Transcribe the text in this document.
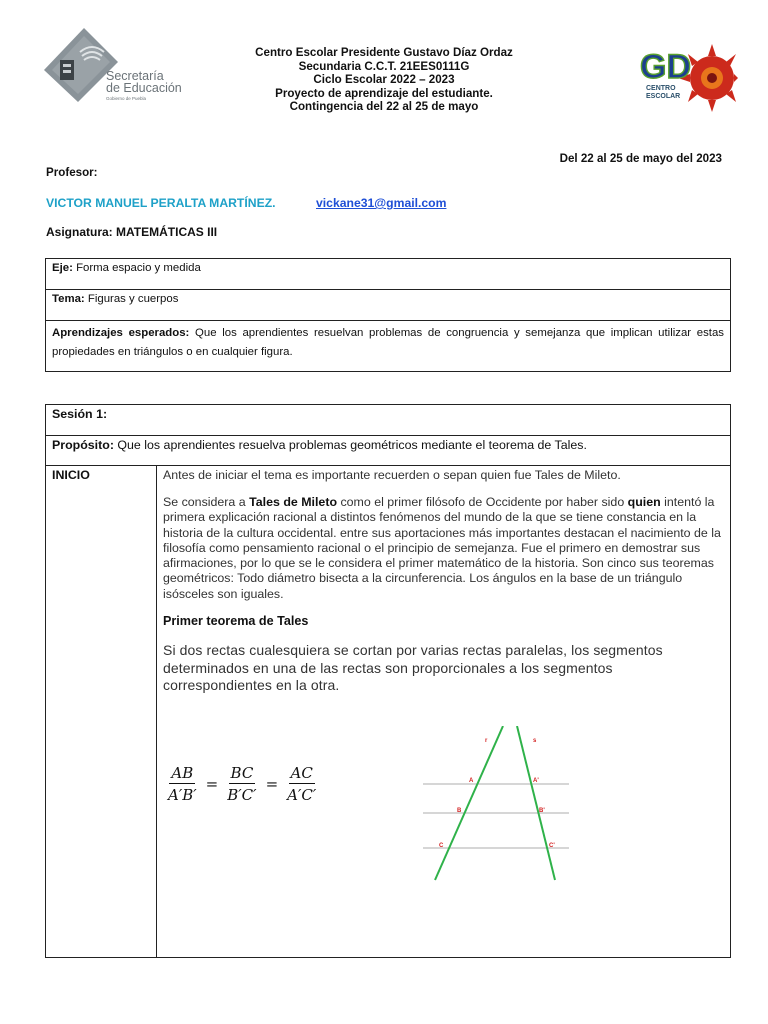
Centro Escolar Presidente Gustavo Díaz Ordaz
Secundaria C.C.T. 21EES0111G
Ciclo Escolar 2022 – 2023
Proyecto de aprendizaje del estudiante.
Contingencia del 22 al 25 de mayo
Secretaría
de Educación
Gobierno de Puebla
GD
CENTRO
ESCOLAR
Del 22 al 25 de mayo del 2023
Profesor:
VICTOR MANUEL PERALTA MARTÍNEZ.	vickane31@gmail.com
Asignatura: MATEMÁTICAS III
Eje: Forma espacio y medida
Tema: Figuras y cuerpos
Aprendizajes esperados: Que los aprendientes resuelvan problemas de congruencia y semejanza que implican utilizar estas propiedades en triángulos o en cualquier figura.
Sesión 1:
Propósito: Que los aprendientes resuelva problemas geométricos mediante el teorema de Tales.
INICIO	Antes de iniciar el tema es importante recuerden o sepan quien fue Tales de Mileto.

Se considera a Tales de Mileto como el primer filósofo de Occidente por haber sido quien intentó la primera explicación racional a distintos fenómenos del mundo de la que se tiene constancia en la historia de la cultura occidental. entre sus aportaciones más importantes destacan el nacimiento de la filosofía como pensamiento racional o el principio de semejanza. Fue el primero en demostrar sus afirmaciones, por lo que se le considera el primer matemático de la historia. Son cinco sus teoremas geométricos: Todo diámetro bisecta a la circunferencia. Los ángulos en la base de un triángulo isósceles son iguales.

Primer teorema de Tales

Si dos rectas cualesquiera se cortan por varias rectas paralelas, los segmentos determinados en una de las rectas son proporcionales a los segmentos correspondientes en la otra.

$\frac{AB}{A'B'} = \frac{BC}{B'C'} = \frac{AC}{A'C'}$
r	s
A
B
C
A'
B'
C'
